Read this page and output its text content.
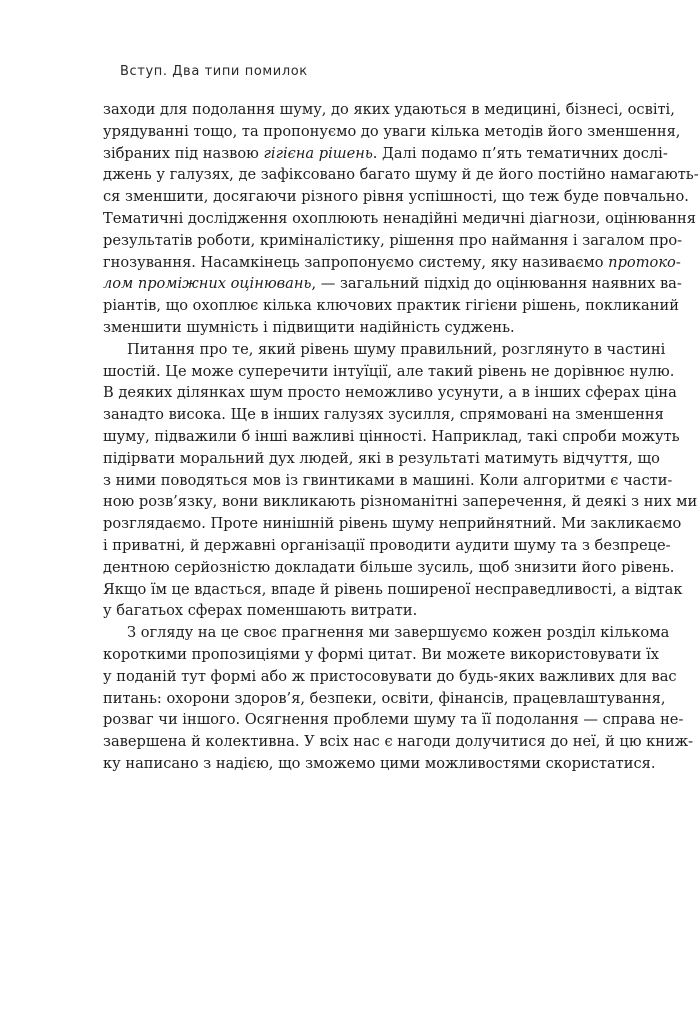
Вступ. Два типи помилок
заходи для подолання шуму, до яких удаються в медицині, бізнесі, освіті,
урядуванні тощо, та пропонуємо до уваги кілька методів його зменшення,
зібраних під назвою гігієна рішень. Далі подамо п’ять тематичних дослі-
джень у галузях, де зафіксовано багато шуму й де його постійно намагають-
ся зменшити, досягаючи різного рівня успішності, що теж буде повчально.
Тематичні дослідження охоплюють ненадійні медичні діагнози, оцінювання
результатів роботи, криміналістику, рішення про наймання і загалом про-
гнозування. Насамкінець запропонуємо систему, яку називаємо протоко-
лом проміжних оцінювань, — загальний підхід до оцінювання наявних ва-
ріантів, що охоплює кілька ключових практик гігієни рішень, покликаний
зменшити шумність і підвищити надійність суджень.
Питання про те, який рівень шуму правильний, розглянуто в частині
шостій. Це може суперечити інтуїції, але такий рівень не дорівнює нулю.
В деяких ділянках шум просто неможливо усунути, а в інших сферах ціна
занадто висока. Ще в інших галузях зусилля, спрямовані на зменшення
шуму, підважили б інші важливі цінності. Наприклад, такі спроби можуть
підірвати моральний дух людей, які в результаті матимуть відчуття, що
з ними поводяться мов із гвинтиками в машині. Коли алгоритми є части-
ною розв’язку, вони викликають різноманітні заперечення, й деякі з них ми
розглядаємо. Проте нинішній рівень шуму неприйнятний. Ми закликаємо
і приватні, й державні організації проводити аудити шуму та з безпреце-
дентною серйозністю докладати більше зусиль, щоб знизити його рівень.
Якщо їм це вдасться, впаде й рівень поширеної несправедливості, а відтак
у багатьох сферах поменшають витрати.
З огляду на це своє прагнення ми завершуємо кожен розділ кількома
короткими пропозиціями у формі цитат. Ви можете використовувати їх
у поданій тут формі або ж пристосовувати до будь-яких важливих для вас
питань: охорони здоров’я, безпеки, освіти, фінансів, працевлаштування,
розваг чи іншого. Осягнення проблеми шуму та її подолання — справа не-
завершена й колективна. У всіх нас є нагоди долучитися до неї, й цю книж-
ку написано з надією, що зможемо цими можливостями скористатися.
